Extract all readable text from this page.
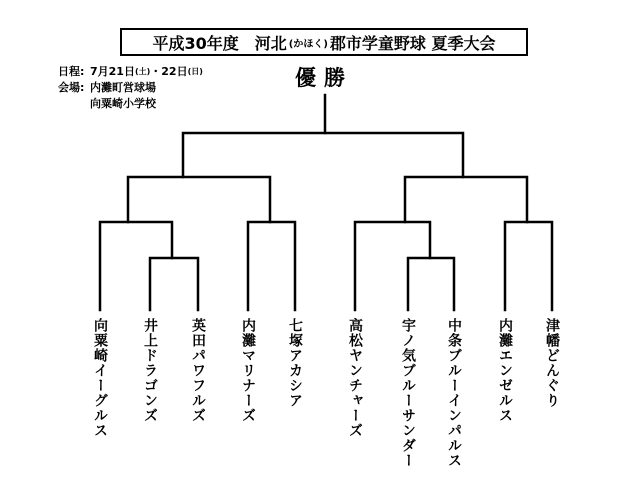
平成30年度　河北 (かほく) 郡市学童野球 夏季大会
日程: 7月21日 (土) ・22日 (日)
会場: 内灘町営球場
向粟崎小学校
優勝
向粟崎イーグルス 井上ドラゴンズ 英田パワフルズ 内灘マリナーズ 七塚アカシア	高松ヤンチャーズ	宇ノ気ブルーサンダー 中条ブルーインパルス	内灘エンゼルス 津幡どんぐり
